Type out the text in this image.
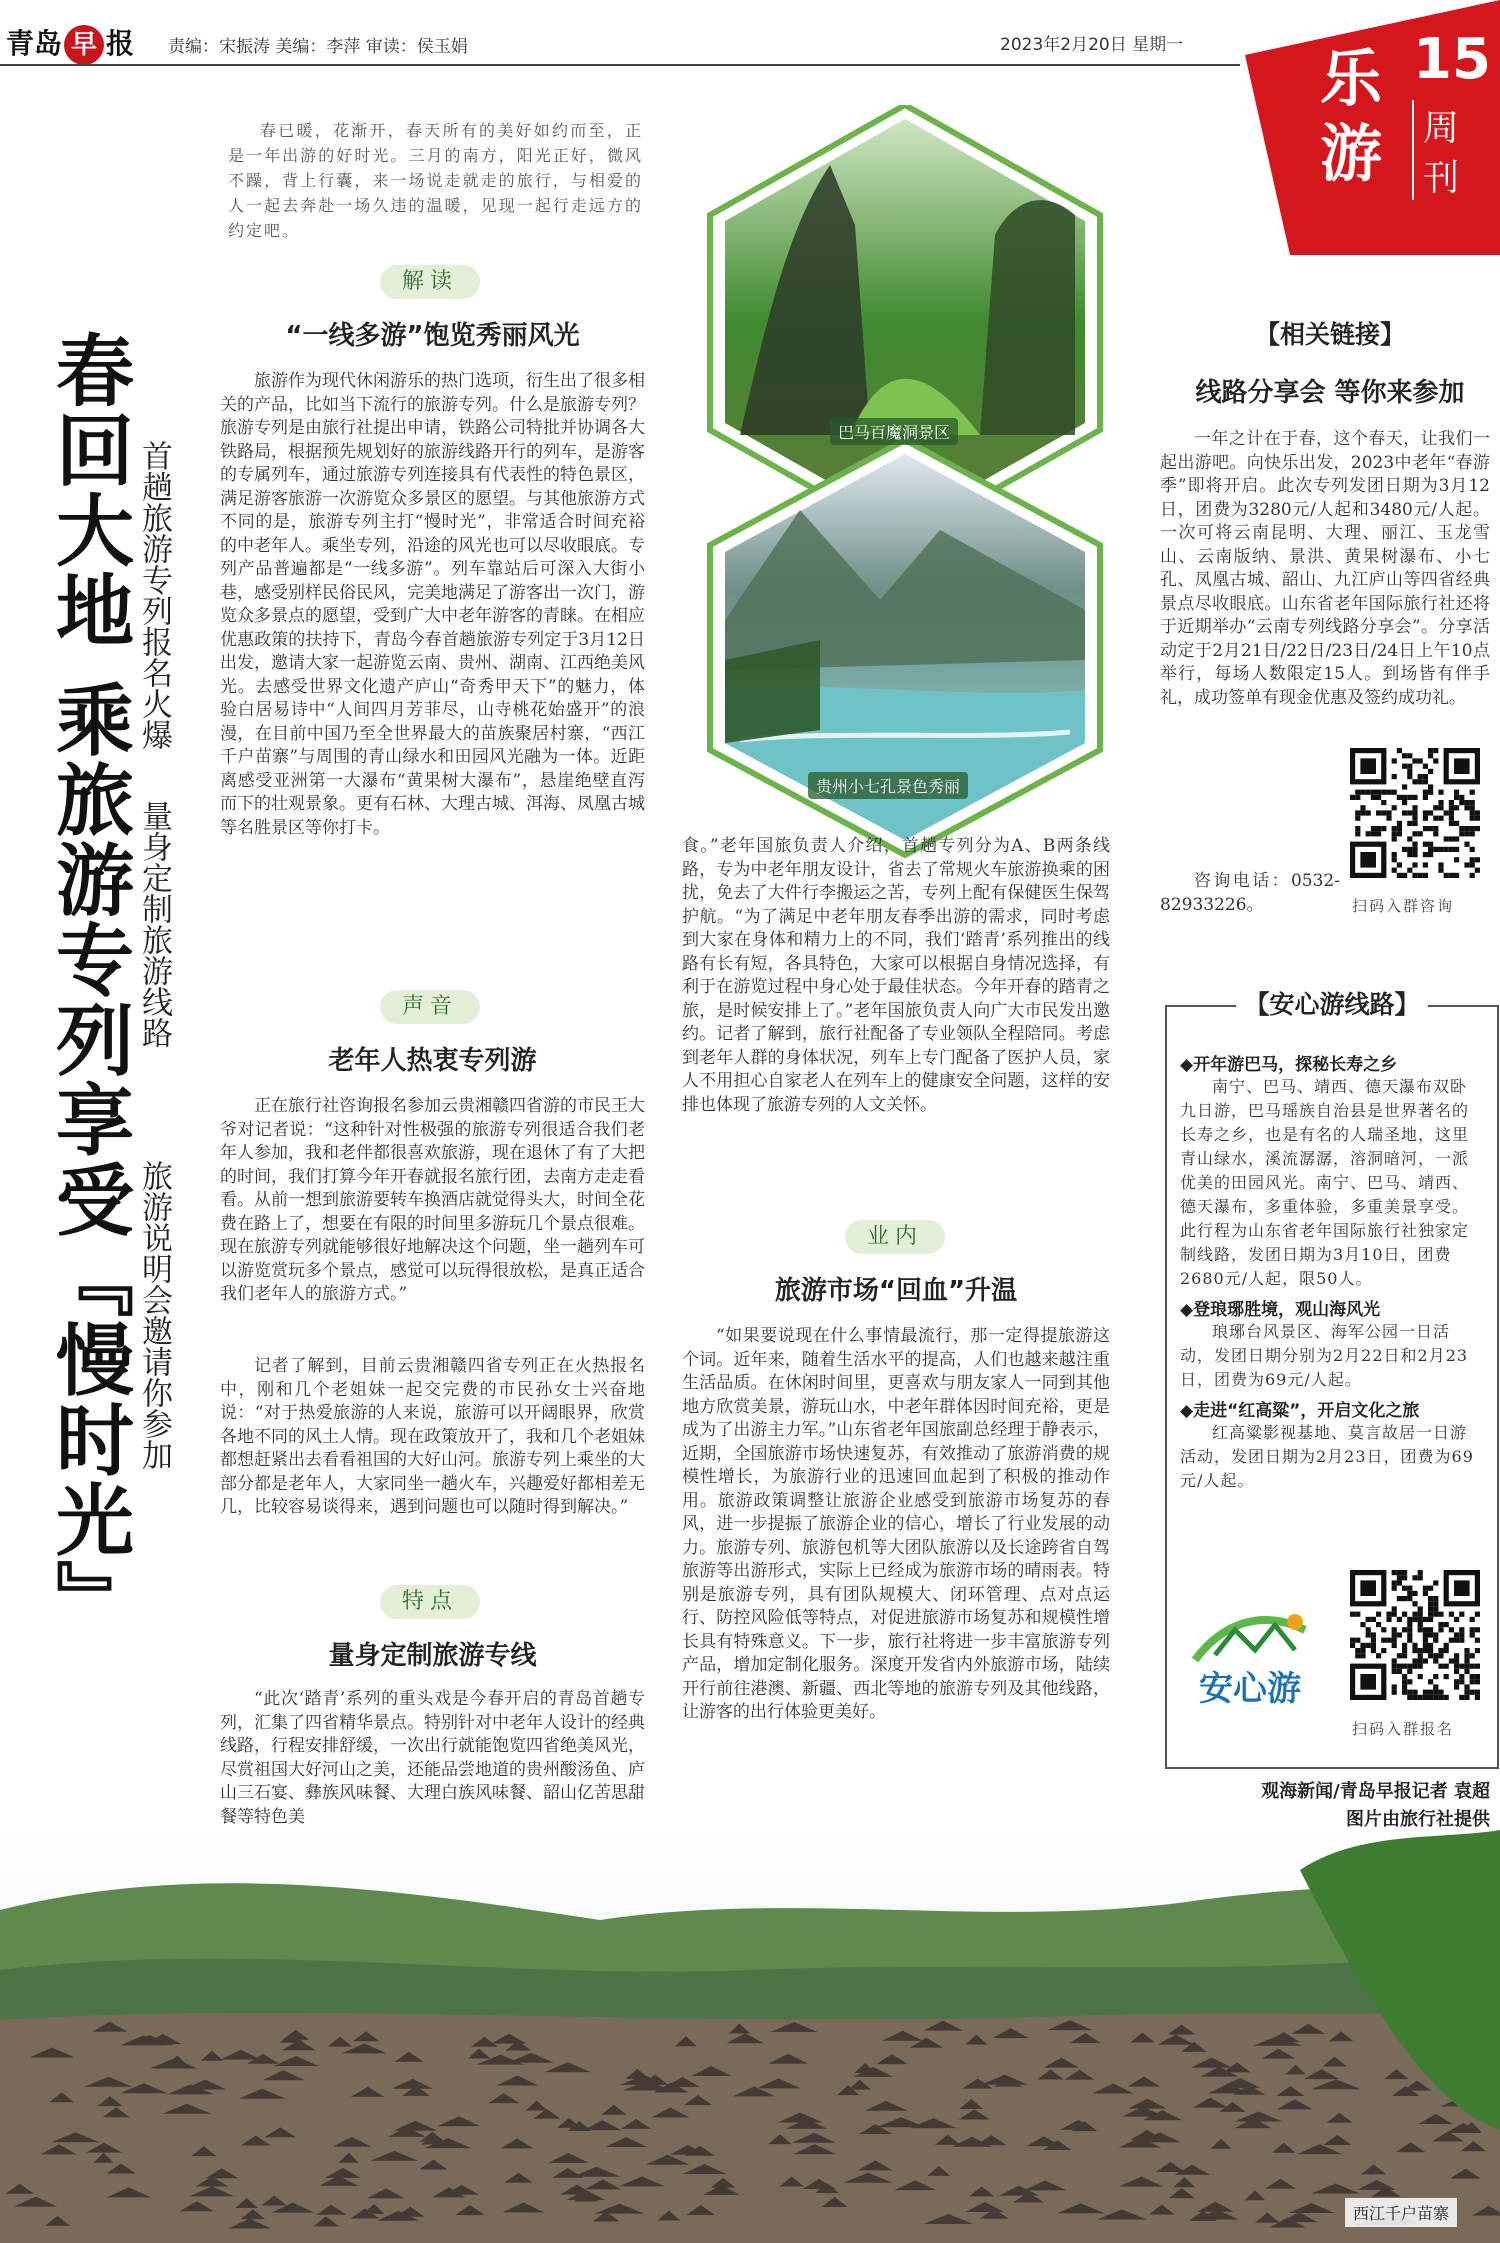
青岛 早 报 责编：宋振涛 美编：李萍 审读：侯玉娟	2023年2月20日 星期一 乐
游
15
周
刊
春回大地 乘旅游专列享受『慢时光』 首趟旅游专列报名火爆
量身定制旅游线路
旅游说明会邀请你参加

春已暖，花渐开，春天所有的美好如约而至，正是一年出游的好时光。三月的南方，阳光正好，微风不躁，背上行囊，来一场说走就走的旅行，与相爱的人一起去奔赴一场久违的温暖，见现一起行走远方的约定吧。

解读
“一线多游”饱览秀丽风光

旅游作为现代休闲游乐的热门选项，衍生出了很多相关的产品，比如当下流行的旅游专列。什么是旅游专列？旅游专列是由旅行社提出申请，铁路公司特批并协调各大铁路局，根据预先规划好的旅游线路开行的列车，是游客的专属列车，通过旅游专列连接具有代表性的特色景区，满足游客旅游一次游览众多景区的愿望。与其他旅游方式不同的是，旅游专列主打“慢时光”，非常适合时间充裕的中老年人。乘坐专列，沿途的风光也可以尽收眼底。专列产品普遍都是“一线多游”。列车靠站后可深入大街小巷，感受别样民俗民风，完美地满足了游客出一次门，游览众多景点的愿望，受到广大中老年游客的青睐。在相应优惠政策的扶持下，青岛今春首趟旅游专列定于3月12日出发，邀请大家一起游览云南、贵州、湖南、江西绝美风光。去感受世界文化遗产庐山“奇秀甲天下”的魅力，体验白居易诗中“人间四月芳菲尽，山寺桃花始盛开”的浪漫，在目前中国乃至全世界最大的苗族聚居村寨，“西江千户苗寨”与周围的青山绿水和田园风光融为一体。近距离感受亚洲第一大瀑布“黄果树大瀑布”，悬崖绝壁直泻而下的壮观景象。更有石林、大理古城、洱海、凤凰古城等名胜景区等你打卡。

声音
老年人热衷专列游

正在旅行社咨询报名参加云贵湘赣四省游的市民王大爷对记者说：“这种针对性极强的旅游专列很适合我们老年人参加，我和老伴都很喜欢旅游，现在退休了有了大把的时间，我们打算今年开春就报名旅行团，去南方走走看看。从前一想到旅游要转车换酒店就觉得头大，时间全花费在路上了，想要在有限的时间里多游玩几个景点很难。现在旅游专列就能够很好地解决这个问题，坐一趟列车可以游览赏玩多个景点，感觉可以玩得很放松，是真正适合我们老年人的旅游方式。”

记者了解到，目前云贵湘赣四省专列正在火热报名中，刚和几个老姐妹一起交完费的市民孙女士兴奋地说：“对于热爱旅游的人来说，旅游可以开阔眼界，欣赏各地不同的风土人情。现在政策放开了，我和几个老姐妹都想赶紧出去看看祖国的大好山河。旅游专列上乘坐的大部分都是老年人，大家同坐一趟火车，兴趣爱好都相差无几，比较容易谈得来，遇到问题也可以随时得到解决。”

特点
量身定制旅游专线

“此次‘踏青’系列的重头戏是今春开启的青岛首趟专列，汇集了四省精华景点。特别针对中老年人设计的经典线路，行程安排舒缓，一次出行就能饱览四省绝美风光，尽赏祖国大好河山之美，还能品尝地道的贵州酸汤鱼、庐山三石宴、彝族风味餐、大理白族风味餐、韶山亿苦思甜餐等特色美

巴马百魔洞景区
贵州小七孔景色秀丽

食。”老年国旅负责人介绍，首趟专列分为A、B两条线路，专为中老年朋友设计，省去了常规火车旅游换乘的困扰，免去了大件行李搬运之苦，专列上配有保健医生保驾护航。“为了满足中老年朋友春季出游的需求，同时考虑到大家在身体和精力上的不同，我们‘踏青’系列推出的线路有长有短，各具特色，大家可以根据自身情况选择，有利于在游览过程中身心处于最佳状态。今年开春的踏青之旅，是时候安排上了。”老年国旅负责人向广大市民发出邀约。记者了解到，旅行社配备了专业领队全程陪同。考虑到老年人群的身体状况，列车上专门配备了医护人员，家人不用担心自家老人在列车上的健康安全问题，这样的安排也体现了旅游专列的人文关怀。

业内
旅游市场“回血”升温

“如果要说现在什么事情最流行，那一定得提旅游这个词。近年来，随着生活水平的提高，人们也越来越注重生活品质。在休闲时间里，更喜欢与朋友家人一同到其他地方欣赏美景，游玩山水，中老年群体因时间充裕，更是成为了出游主力军。”山东省老年国旅副总经理于静表示，近期，全国旅游市场快速复苏，有效推动了旅游消费的规模性增长，为旅游行业的迅速回血起到了积极的推动作用。旅游政策调整让旅游企业感受到旅游市场复苏的春风，进一步提振了旅游企业的信心，增长了行业发展的动力。旅游专列、旅游包机等大团队旅游以及长途跨省自驾旅游等出游形式，实际上已经成为旅游市场的晴雨表。特别是旅游专列，具有团队规模大、闭环管理、点对点运行、防控风险低等特点，对促进旅游市场复苏和规模性增长具有特殊意义。下一步，旅行社将进一步丰富旅游专列产品，增加定制化服务。深度开发省内外旅游市场，陆续开行前往港澳、新疆、西北等地的旅游专列及其他线路，让游客的出行体验更美好。

【相关链接】
线路分享会 等你来参加

一年之计在于春，这个春天，让我们一起出游吧。向快乐出发，2023中老年“春游季”即将开启。此次专列发团日期为3月12日，团费为3280元/人起和3480元/人起。一次可将云南昆明、大理、丽江、玉龙雪山、云南版纳、景洪、黄果树瀑布、小七孔、凤凰古城、韶山、九江庐山等四省经典景点尽收眼底。山东省老年国际旅行社还将于近期举办“云南专列线路分享会”。分享活动定于2月21日/22日/23日/24日上午10点举行，每场人数限定15人。到场皆有伴手礼，成功签单有现金优惠及签约成功礼。

咨询电话：0532-82933226。	扫码入群咨询
【安心游线路】

◆开年游巴马，探秘长寿之乡

南宁、巴马、靖西、德天瀑布双卧九日游，巴马瑶族自治县是世界著名的长寿之乡，也是有名的人瑞圣地，这里青山绿水，溪流潺潺，溶洞暗河，一派优美的田园风光。南宁、巴马、靖西、德天瀑布，多重体验，多重美景享受。此行程为山东省老年国际旅行社独家定制线路，发团日期为3月10日，团费2680元/人起，限50人。

◆登琅琊胜境，观山海风光

琅琊台风景区、海军公园一日活动，发团日期分别为2月22日和2月23日，团费为69元/人起。

◆走进“红高粱”，开启文化之旅

红高粱影视基地、莫言故居一日游活动，发团日期为2月23日，团费为69元/人起。

安心游
扫码入群报名
观海新闻/青岛早报记者 袁超
图片由旅行社提供
西江千户苗寨
